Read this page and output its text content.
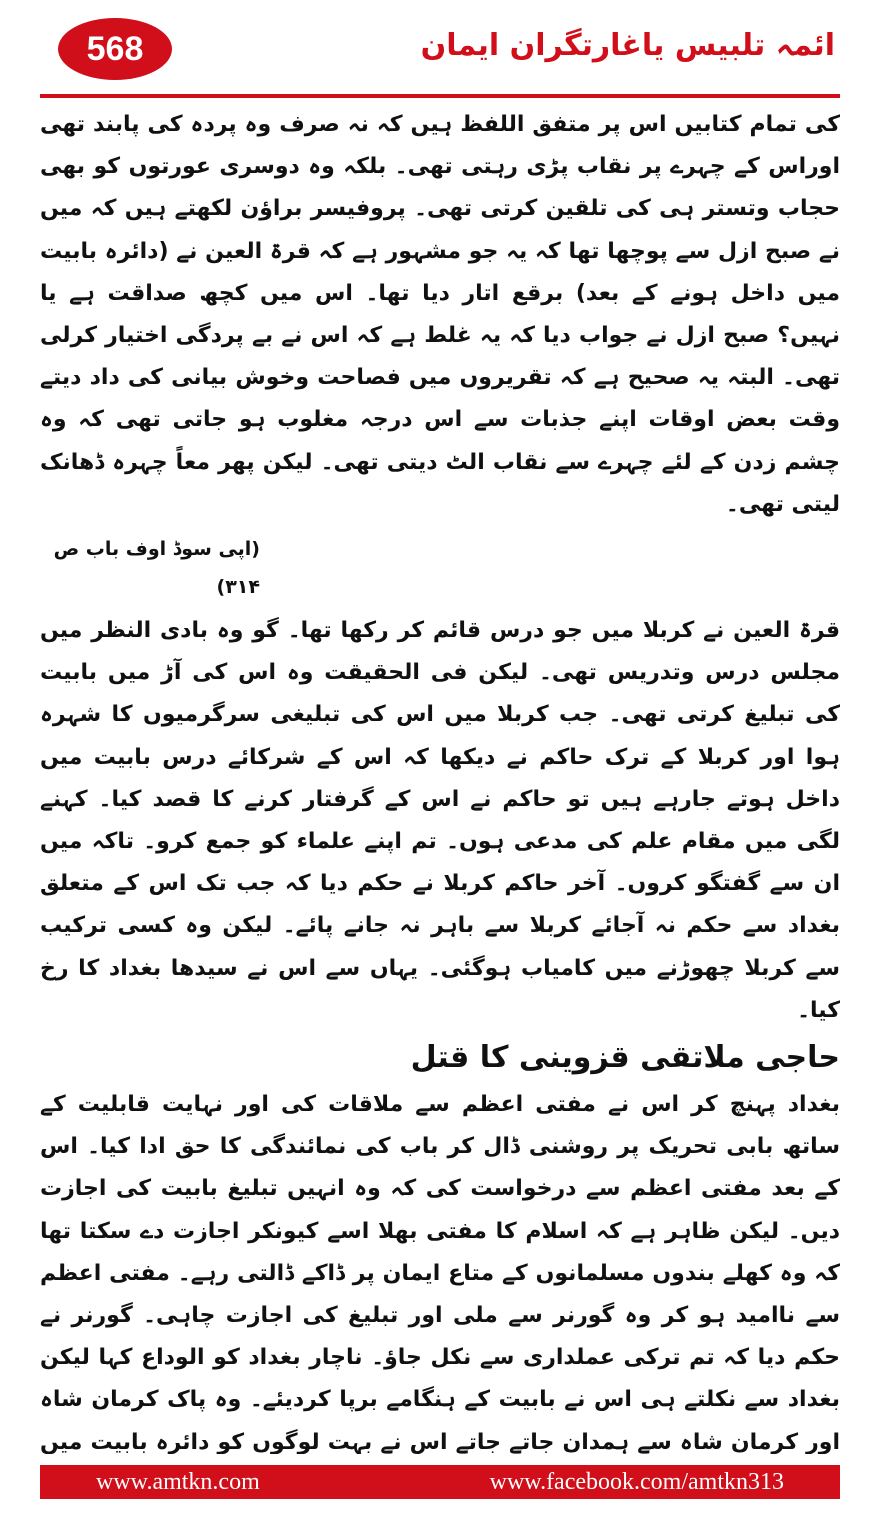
568	ائمہ تلبیس یاغارتگران ایمان

کی تمام کتابیں اس پر متفق اللفظ ہیں کہ نہ صرف وہ پردہ کی پابند تھی اوراس کے چہرے پر نقاب پڑی رہتی تھی۔ بلکہ وہ دوسری عورتوں کو بھی حجاب وتستر ہی کی تلقین کرتی تھی۔ پروفیسر براؤن لکھتے ہیں کہ میں نے صبح ازل سے پوچھا تھا کہ یہ جو مشہور ہے کہ قرۃ العین نے (دائرہ بابیت میں داخل ہونے کے بعد) برقع اتار دیا تھا۔ اس میں کچھ صداقت ہے یا نہیں؟ صبح ازل نے جواب دیا کہ یہ غلط ہے کہ اس نے بے پردگی اختیار کرلی تھی۔ البتہ یہ صحیح ہے کہ تقریروں میں فصاحت وخوش بیانی کی داد دیتے وقت بعض اوقات اپنے جذبات سے اس درجہ مغلوب ہو جاتی تھی کہ وہ چشم زدن کے لئے چہرے سے نقاب الٹ دیتی تھی۔ لیکن پھر معاً چہرہ ڈھانک لیتی تھی۔

(اپی سوڈ اوف باب ص ۳۱۴)

قرۃ العین نے کربلا میں جو درس قائم کر رکھا تھا۔ گو وہ بادی النظر میں مجلس درس وتدریس تھی۔ لیکن فی الحقیقت وہ اس کی آڑ میں بابیت کی تبلیغ کرتی تھی۔ جب کربلا میں اس کی تبلیغی سرگرمیوں کا شہرہ ہوا اور کربلا کے ترک حاکم نے دیکھا کہ اس کے شرکائے درس بابیت میں داخل ہوتے جارہے ہیں تو حاکم نے اس کے گرفتار کرنے کا قصد کیا۔ کہنے لگی میں مقام علم کی مدعی ہوں۔ تم اپنے علماء کو جمع کرو۔ تاکہ میں ان سے گفتگو کروں۔ آخر حاکم کربلا نے حکم دیا کہ جب تک اس کے متعلق بغداد سے حکم نہ آجائے کربلا سے باہر نہ جانے پائے۔ لیکن وہ کسی ترکیب سے کربلا چھوڑنے میں کامیاب ہوگئی۔ یہاں سے اس نے سیدھا بغداد کا رخ کیا۔

حاجی ملاتقی قزوینی کا قتل

بغداد پہنچ کر اس نے مفتی اعظم سے ملاقات کی اور نہایت قابلیت کے ساتھ بابی تحریک پر روشنی ڈال کر باب کی نمائندگی کا حق ادا کیا۔ اس کے بعد مفتی اعظم سے درخواست کی کہ وہ انہیں تبلیغ بابیت کی اجازت دیں۔ لیکن ظاہر ہے کہ اسلام کا مفتی بھلا اسے کیونکر اجازت دے سکتا تھا کہ وہ کھلے بندوں مسلمانوں کے متاع ایمان پر ڈاکے ڈالتی رہے۔ مفتی اعظم سے ناامید ہو کر وہ گورنر سے ملی اور تبلیغ کی اجازت چاہی۔ گورنر نے حکم دیا کہ تم ترکی عملداری سے نکل جاؤ۔ ناچار بغداد کو الوداع کہا لیکن بغداد سے نکلتے ہی اس نے بابیت کے ہنگامے برپا کردیئے۔ وہ پاک کرمان شاہ اور کرمان شاہ سے ہمدان جاتے جاتے اس نے بہت لوگوں کو دائرہ بابیت میں

www.amtkn.com	www.facebook.com/amtkn313
